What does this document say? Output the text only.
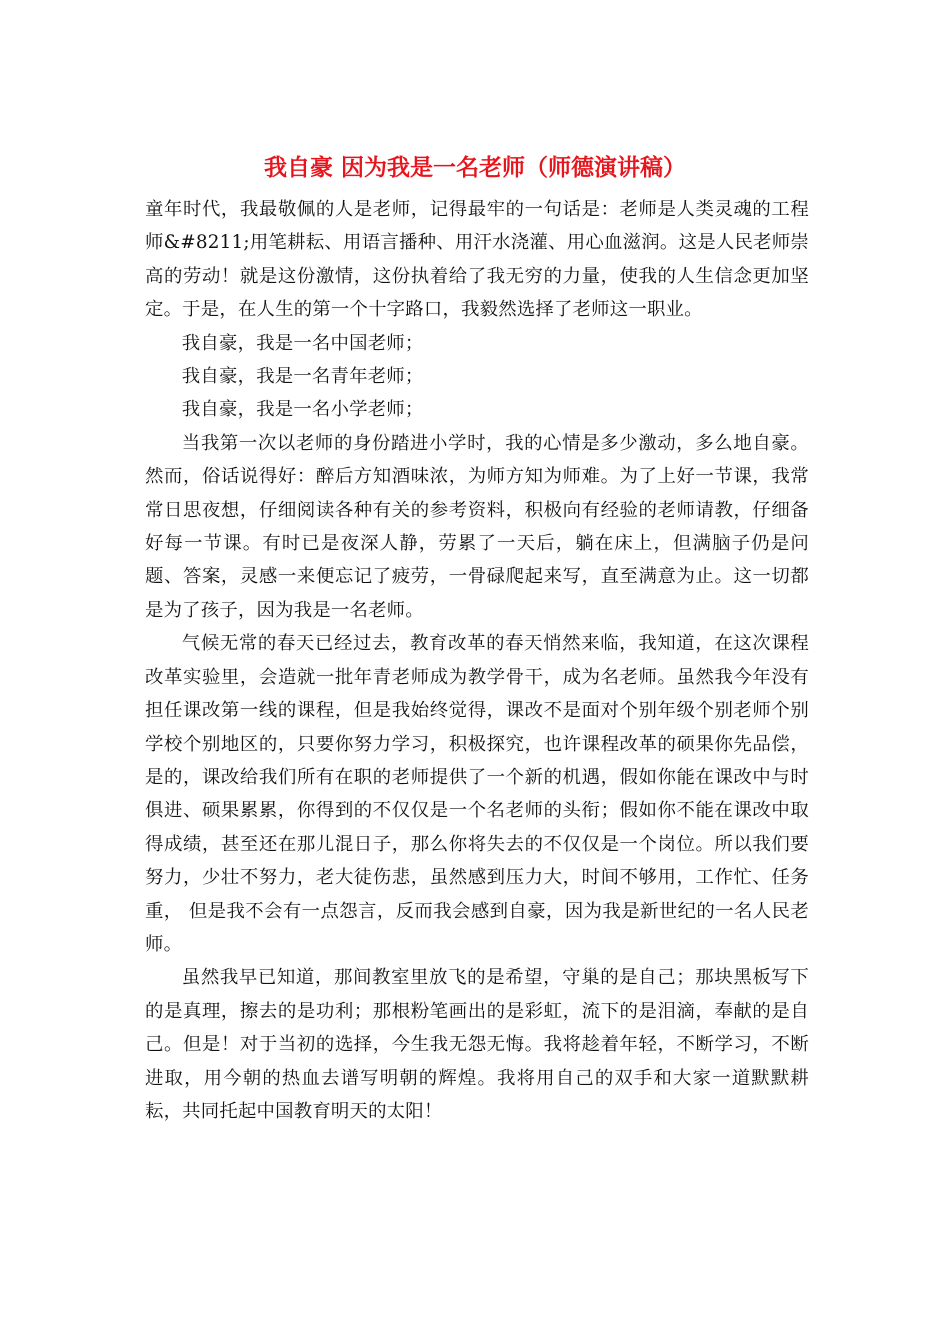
我自豪 因为我是一名老师（师德演讲稿）

童年时代，我最敬佩的人是老师，记得最牢的一句话是：老师是人类灵魂的工程师&#8211;用笔耕耘、用语言播种、用汗水浇灌、用心血滋润。这是人民老师崇高的劳动！就是这份激情，这份执着给了我无穷的力量，使我的人生信念更加坚定。于是，在人生的第一个十字路口，我毅然选择了老师这一职业。

我自豪，我是一名中国老师；

我自豪，我是一名青年老师；

我自豪，我是一名小学老师；

当我第一次以老师的身份踏进小学时，我的心情是多少激动，多么地自豪。然而，俗话说得好：醉后方知酒味浓，为师方知为师难。为了上好一节课，我常常日思夜想，仔细阅读各种有关的参考资料，积极向有经验的老师请教，仔细备好每一节课。有时已是夜深人静，劳累了一天后，躺在床上，但满脑子仍是问题、答案，灵感一来便忘记了疲劳，一骨碌爬起来写，直至满意为止。这一切都是为了孩子，因为我是一名老师。

气候无常的春天已经过去，教育改革的春天悄然来临，我知道，在这次课程改革实验里，会造就一批年青老师成为教学骨干，成为名老师。虽然我今年没有担任课改第一线的课程，但是我始终觉得，课改不是面对个别年级个别老师个别学校个别地区的，只要你努力学习，积极探究，也许课程改革的硕果你先品偿，是的，课改给我们所有在职的老师提供了一个新的机遇，假如你能在课改中与时俱进、硕果累累，你得到的不仅仅是一个名老师的头衔；假如你不能在课改中取得成绩，甚至还在那儿混日子，那么你将失去的不仅仅是一个岗位。所以我们要努力，少壮不努力，老大徒伤悲，虽然感到压力大，时间不够用，工作忙、任务重， 但是我不会有一点怨言，反而我会感到自豪，因为我是新世纪的一名人民老师。

虽然我早已知道，那间教室里放飞的是希望，守巢的是自己；那块黑板写下的是真理，擦去的是功利；那根粉笔画出的是彩虹，流下的是泪滴，奉献的是自己。但是！对于当初的选择，今生我无怨无悔。我将趁着年轻，不断学习，不断进取，用今朝的热血去谱写明朝的辉煌。我将用自己的双手和大家一道默默耕耘，共同托起中国教育明天的太阳！
